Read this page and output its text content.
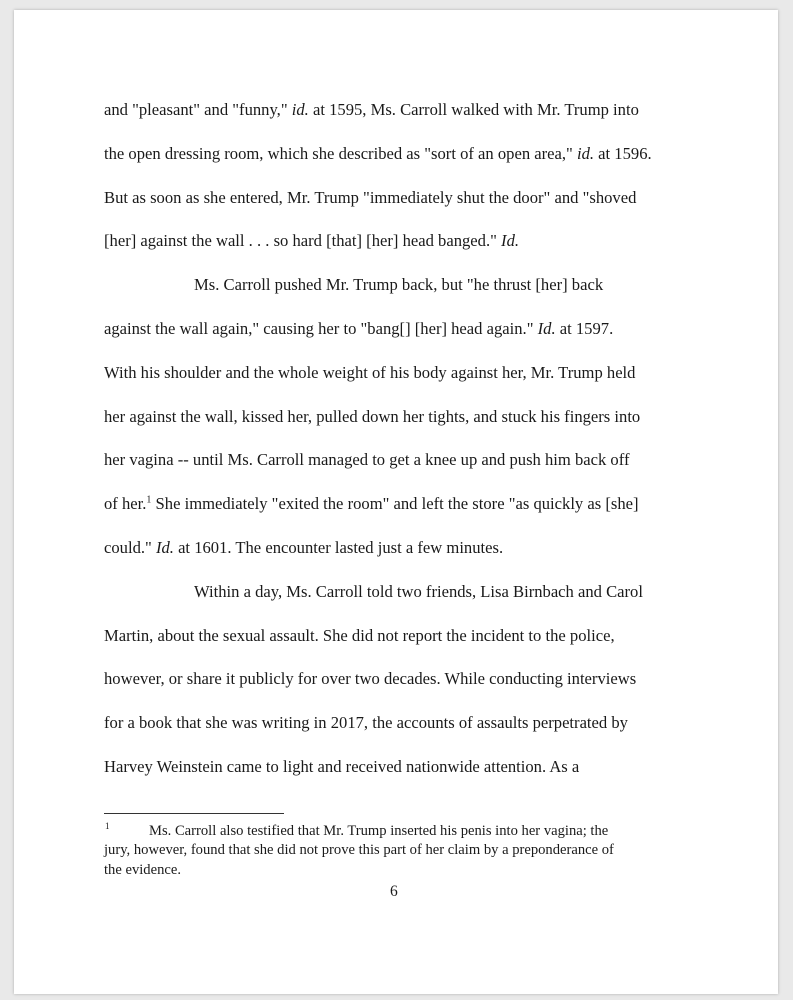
and "pleasant" and "funny," id. at 1595, Ms. Carroll walked with Mr. Trump into
the open dressing room, which she described as "sort of an open area," id. at 1596.
But as soon as she entered, Mr. Trump "immediately shut the door" and "shoved
[her] against the wall . . . so hard [that] [her] head banged." Id.
Ms. Carroll pushed Mr. Trump back, but "he thrust [her] back
against the wall again," causing her to "bang[] [her] head again." Id. at 1597.
With his shoulder and the whole weight of his body against her, Mr. Trump held
her against the wall, kissed her, pulled down her tights, and stuck his fingers into
her vagina -- until Ms. Carroll managed to get a knee up and push him back off
of her.$^1$ She immediately "exited the room" and left the store "as quickly as [she]
could." Id. at 1601. The encounter lasted just a few minutes.
Within a day, Ms. Carroll told two friends, Lisa Birnbach and Carol
Martin, about the sexual assault. She did not report the incident to the police,
however, or share it publicly for over two decades. While conducting interviews
for a book that she was writing in 2017, the accounts of assaults perpetrated by
Harvey Weinstein came to light and received nationwide attention. As a
1	Ms. Carroll also testified that Mr. Trump inserted his penis into her vagina; the
jury, however, found that she did not prove this part of her claim by a preponderance of
the evidence.
6
